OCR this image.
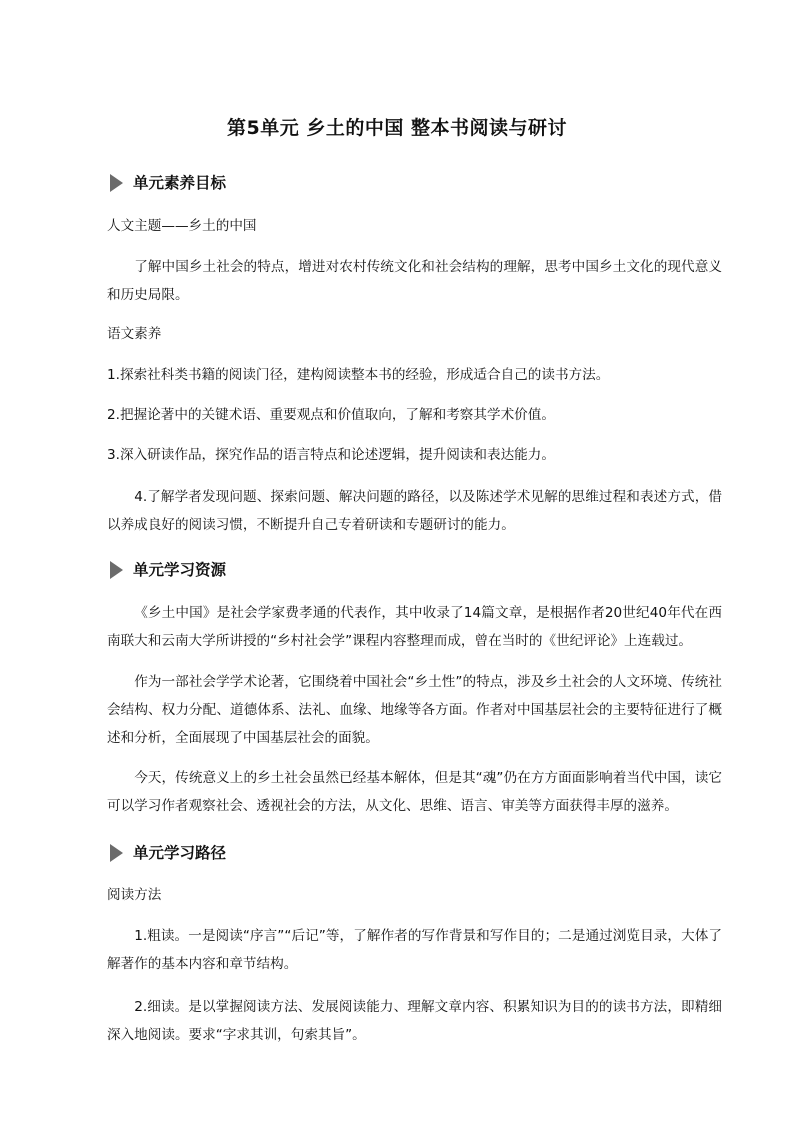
第5单元 乡土的中国 整本书阅读与研讨
单元素养目标
人文主题——乡土的中国
了解中国乡土社会的特点，增进对农村传统文化和社会结构的理解，思考中国乡土文化的现代意义和历史局限。
语文素养
1.探索社科类书籍的阅读门径，建构阅读整本书的经验，形成适合自己的读书方法。
2.把握论著中的关键术语、重要观点和价值取向，了解和考察其学术价值。
3.深入研读作品，探究作品的语言特点和论述逻辑，提升阅读和表达能力。
4.了解学者发现问题、探索问题、解决问题的路径，以及陈述学术见解的思维过程和表述方式，借以养成良好的阅读习惯，不断提升自己专着研读和专题研讨的能力。
单元学习资源
《乡土中国》是社会学家费孝通的代表作，其中收录了14篇文章，是根据作者20世纪40年代在西南联大和云南大学所讲授的“乡村社会学”课程内容整理而成，曾在当时的《世纪评论》上连载过。
作为一部社会学学术论著，它围绕着中国社会“乡土性”的特点，涉及乡土社会的人文环境、传统社会结构、权力分配、道德体系、法礼、血缘、地缘等各方面。作者对中国基层社会的主要特征进行了概述和分析，全面展现了中国基层社会的面貌。
今天，传统意义上的乡土社会虽然已经基本解体，但是其“魂”仍在方方面面影响着当代中国，读它可以学习作者观察社会、透视社会的方法，从文化、思维、语言、审美等方面获得丰厚的滋养。
单元学习路径
阅读方法
1.粗读。一是阅读“序言”“后记”等，了解作者的写作背景和写作目的；二是通过浏览目录，大体了解著作的基本内容和章节结构。
2.细读。是以掌握阅读方法、发展阅读能力、理解文章内容、积累知识为目的的读书方法，即精细深入地阅读。要求“字求其训，句索其旨”。
